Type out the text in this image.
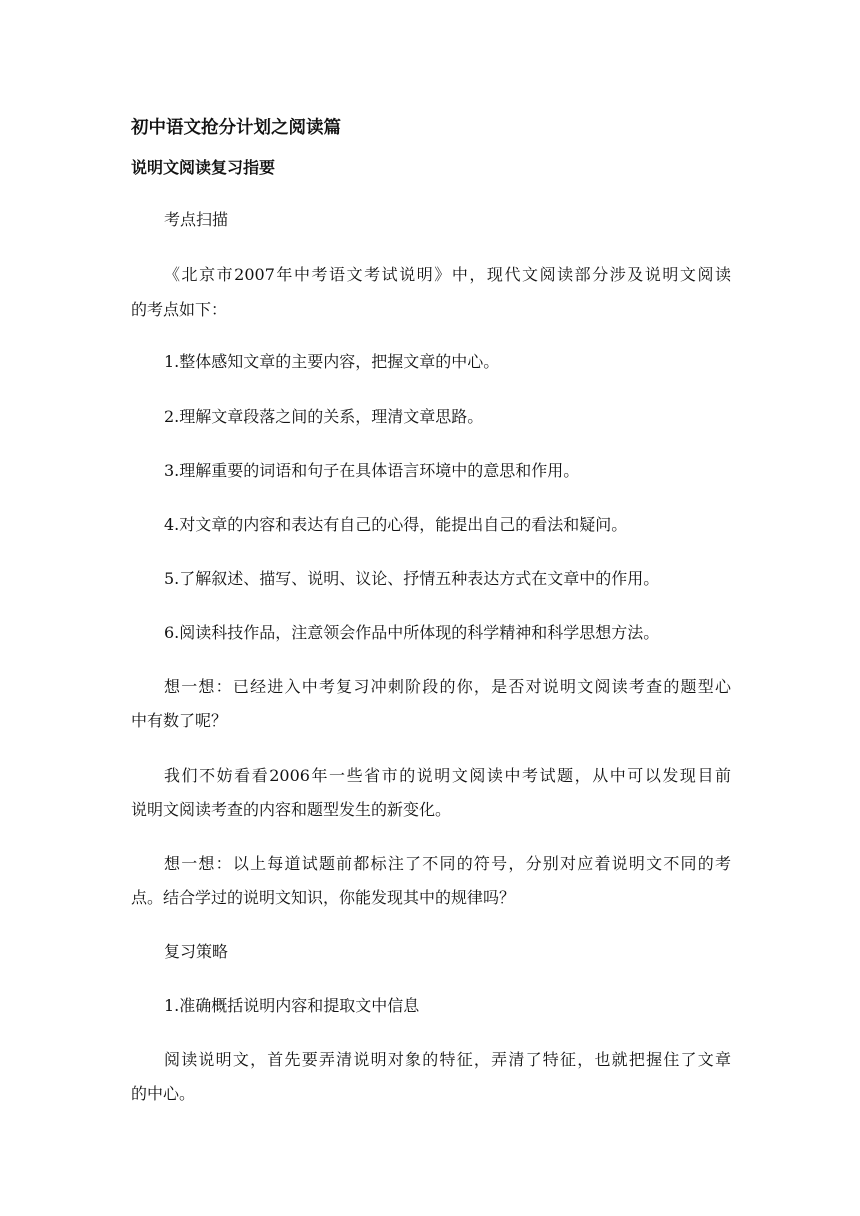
初中语文抢分计划之阅读篇
说明文阅读复习指要
考点扫描
《北京市2007年中考语文考试说明》中，现代文阅读部分涉及说明文阅读
的考点如下：
1.整体感知文章的主要内容，把握文章的中心。
2.理解文章段落之间的关系，理清文章思路。
3.理解重要的词语和句子在具体语言环境中的意思和作用。
4.对文章的内容和表达有自己的心得，能提出自己的看法和疑问。
5.了解叙述、描写、说明、议论、抒情五种表达方式在文章中的作用。
6.阅读科技作品，注意领会作品中所体现的科学精神和科学思想方法。
想一想：已经进入中考复习冲刺阶段的你，是否对说明文阅读考查的题型心
中有数了呢？
我们不妨看看2006年一些省市的说明文阅读中考试题，从中可以发现目前
说明文阅读考查的内容和题型发生的新变化。
想一想：以上每道试题前都标注了不同的符号，分别对应着说明文不同的考
点。结合学过的说明文知识，你能发现其中的规律吗？
复习策略
1.准确概括说明内容和提取文中信息
阅读说明文，首先要弄清说明对象的特征，弄清了特征，也就把握住了文章
的中心。
